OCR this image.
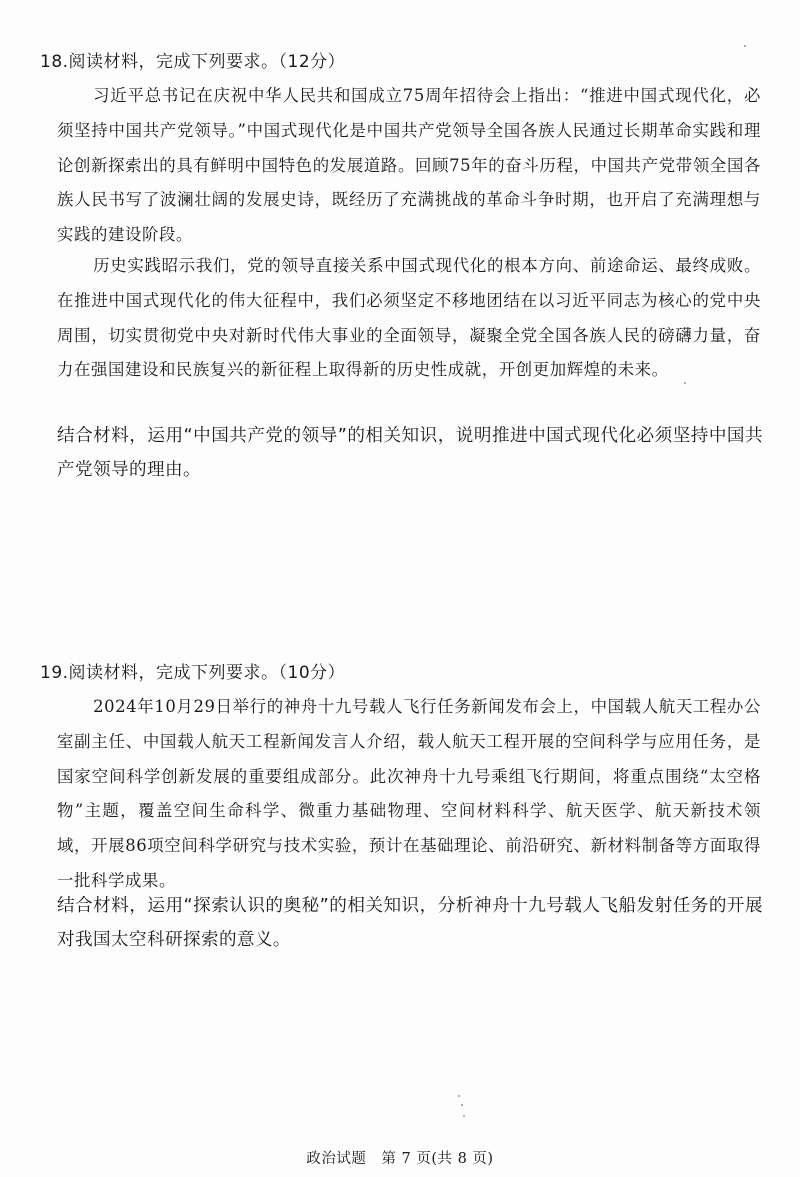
18.阅读材料，完成下列要求。（12分）

习近平总书记在庆祝中华人民共和国成立75周年招待会上指出：“推进中国式现代化，必须坚持中国共产党领导。”中国式现代化是中国共产党领导全国各族人民通过长期革命实践和理论创新探索出的具有鲜明中国特色的发展道路。回顾75年的奋斗历程，中国共产党带领全国各族人民书写了波澜壮阔的发展史诗，既经历了充满挑战的革命斗争时期，也开启了充满理想与实践的建设阶段。

历史实践昭示我们，党的领导直接关系中国式现代化的根本方向、前途命运、最终成败。在推进中国式现代化的伟大征程中，我们必须坚定不移地团结在以习近平同志为核心的党中央周围，切实贯彻党中央对新时代伟大事业的全面领导，凝聚全党全国各族人民的磅礴力量，奋力在强国建设和民族复兴的新征程上取得新的历史性成就，开创更加辉煌的未来。

结合材料，运用“中国共产党的领导”的相关知识，说明推进中国式现代化必须坚持中国共产党领导的理由。

19.阅读材料，完成下列要求。（10分）

2024年10月29日举行的神舟十九号载人飞行任务新闻发布会上，中国载人航天工程办公室副主任、中国载人航天工程新闻发言人介绍，载人航天工程开展的空间科学与应用任务，是国家空间科学创新发展的重要组成部分。此次神舟十九号乘组飞行期间，将重点围绕“太空格物”主题，覆盖空间生命科学、微重力基础物理、空间材料科学、航天医学、航天新技术领域，开展86项空间科学研究与技术实验，预计在基础理论、前沿研究、新材料制备等方面取得一批科学成果。

结合材料，运用“探索认识的奥秘”的相关知识，分析神舟十九号载人飞船发射任务的开展对我国太空科研探索的意义。

政治试题　第 7 页(共 8 页)
